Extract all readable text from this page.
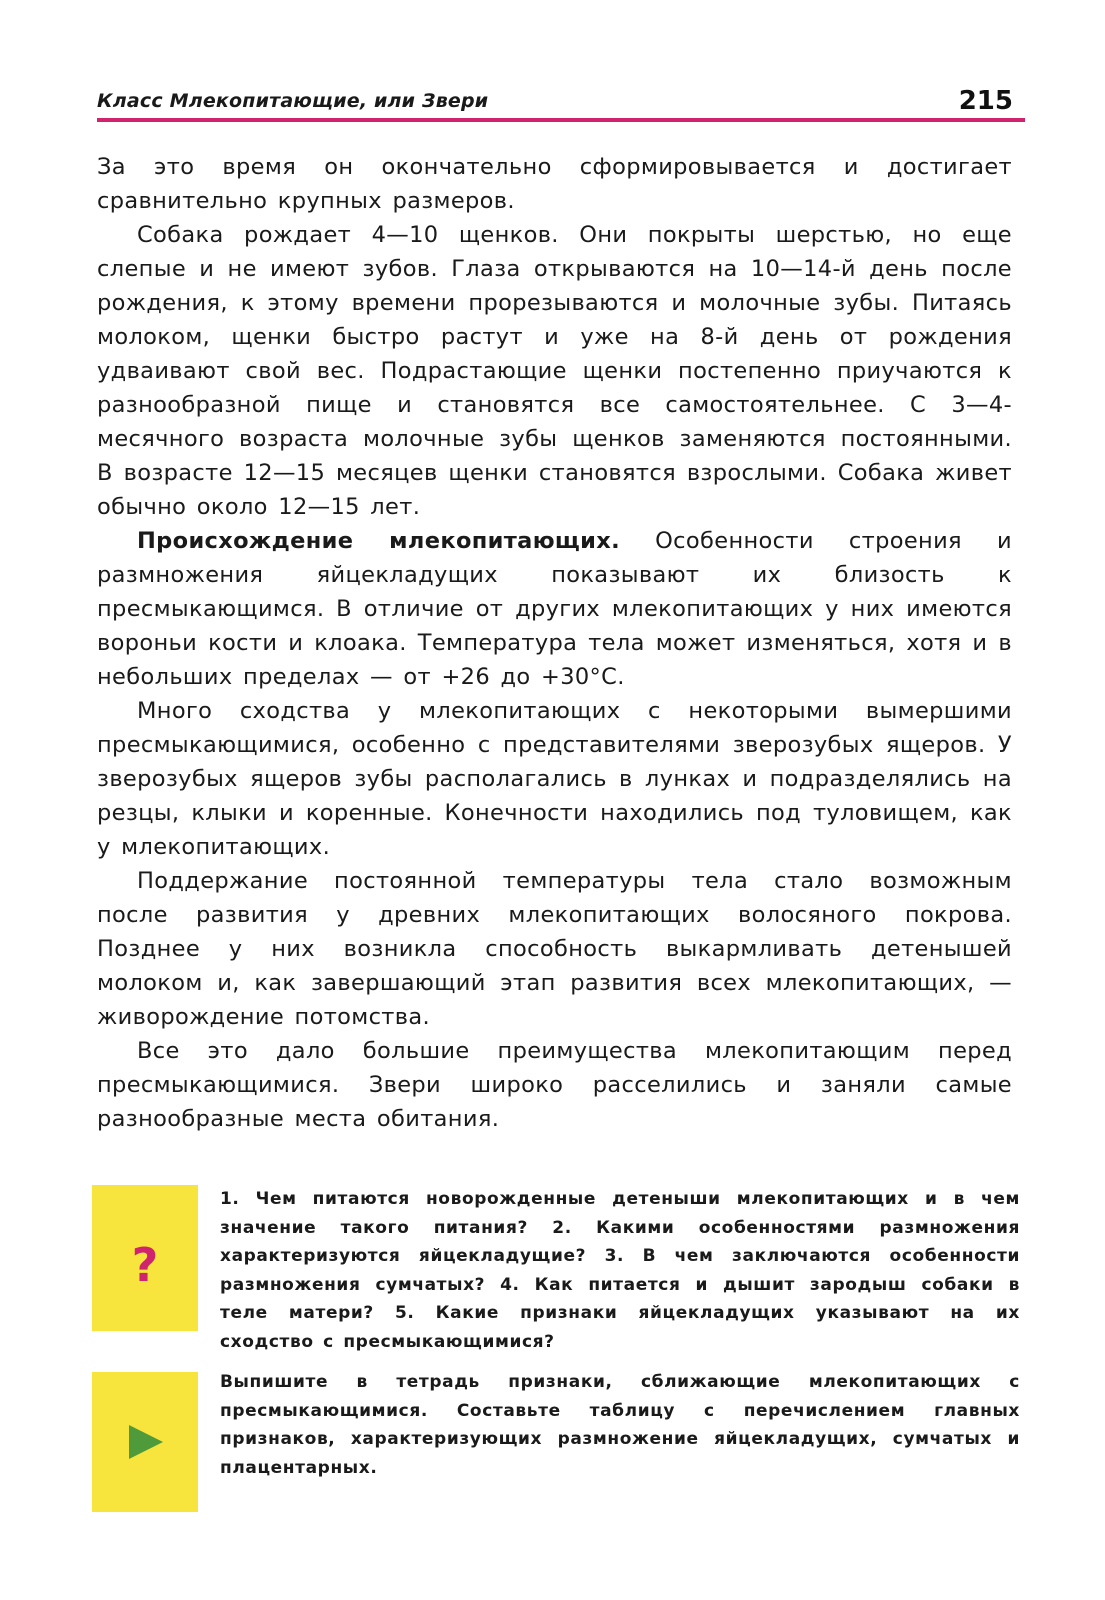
Класс Млекопитающие, или Звери	215

За это время он окончательно сформировывается и достигает сравнительно крупных размеров.

Собака рождает 4—10 щенков. Они покрыты шерстью, но еще слепые и не имеют зубов. Глаза открываются на 10—14-й день после рождения, к этому времени прорезываются и молочные зубы. Питаясь молоком, щенки быстро растут и уже на 8-й день от рождения удваивают свой вес. Подрастающие щенки постепенно приучаются к разнообразной пище и становятся все самостоятельнее. С 3—4-месячного возраста молочные зубы щенков заменяются постоянными. В возрасте 12—15 месяцев щенки становятся взрослыми. Собака живет обычно около 12—15 лет.

Происхождение млекопитающих. Особенности строения и размножения яйцекладущих показывают их близость к пресмыкающимся. В отличие от других млекопитающих у них имеются вороньи кости и клоака. Температура тела может изменяться, хотя и в небольших пределах — от +26 до +30°С.

Много сходства у млекопитающих с некоторыми вымершими пресмыкающимися, особенно с представителями зверозубых ящеров. У зверозубых ящеров зубы располагались в лунках и подразделялись на резцы, клыки и коренные. Конечности находились под туловищем, как у млекопитающих.

Поддержание постоянной температуры тела стало возможным после развития у древних млекопитающих волосяного покрова. Позднее у них возникла способность выкармливать детенышей молоком и, как завершающий этап развития всех млекопитающих, — живорождение потомства.

Все это дало большие преимущества млекопитающим перед пресмыкающимися. Звери широко расселились и заняли самые разнообразные места обитания.

?

1. Чем питаются новорожденные детеныши млекопитающих и в чем значение такого питания? 2. Какими особенностями размножения характеризуются яйцекладущие? 3. В чем заключаются особенности размножения сумчатых? 4. Как питается и дышит зародыш собаки в теле матери? 5. Какие признаки яйцекладущих указывают на их сходство с пресмыкающимися?

Выпишите в тетрадь признаки, сближающие млекопитающих с пресмыкающимися. Составьте таблицу с перечислением главных признаков, характеризующих размножение яйцекладущих, сумчатых и плацентарных.
